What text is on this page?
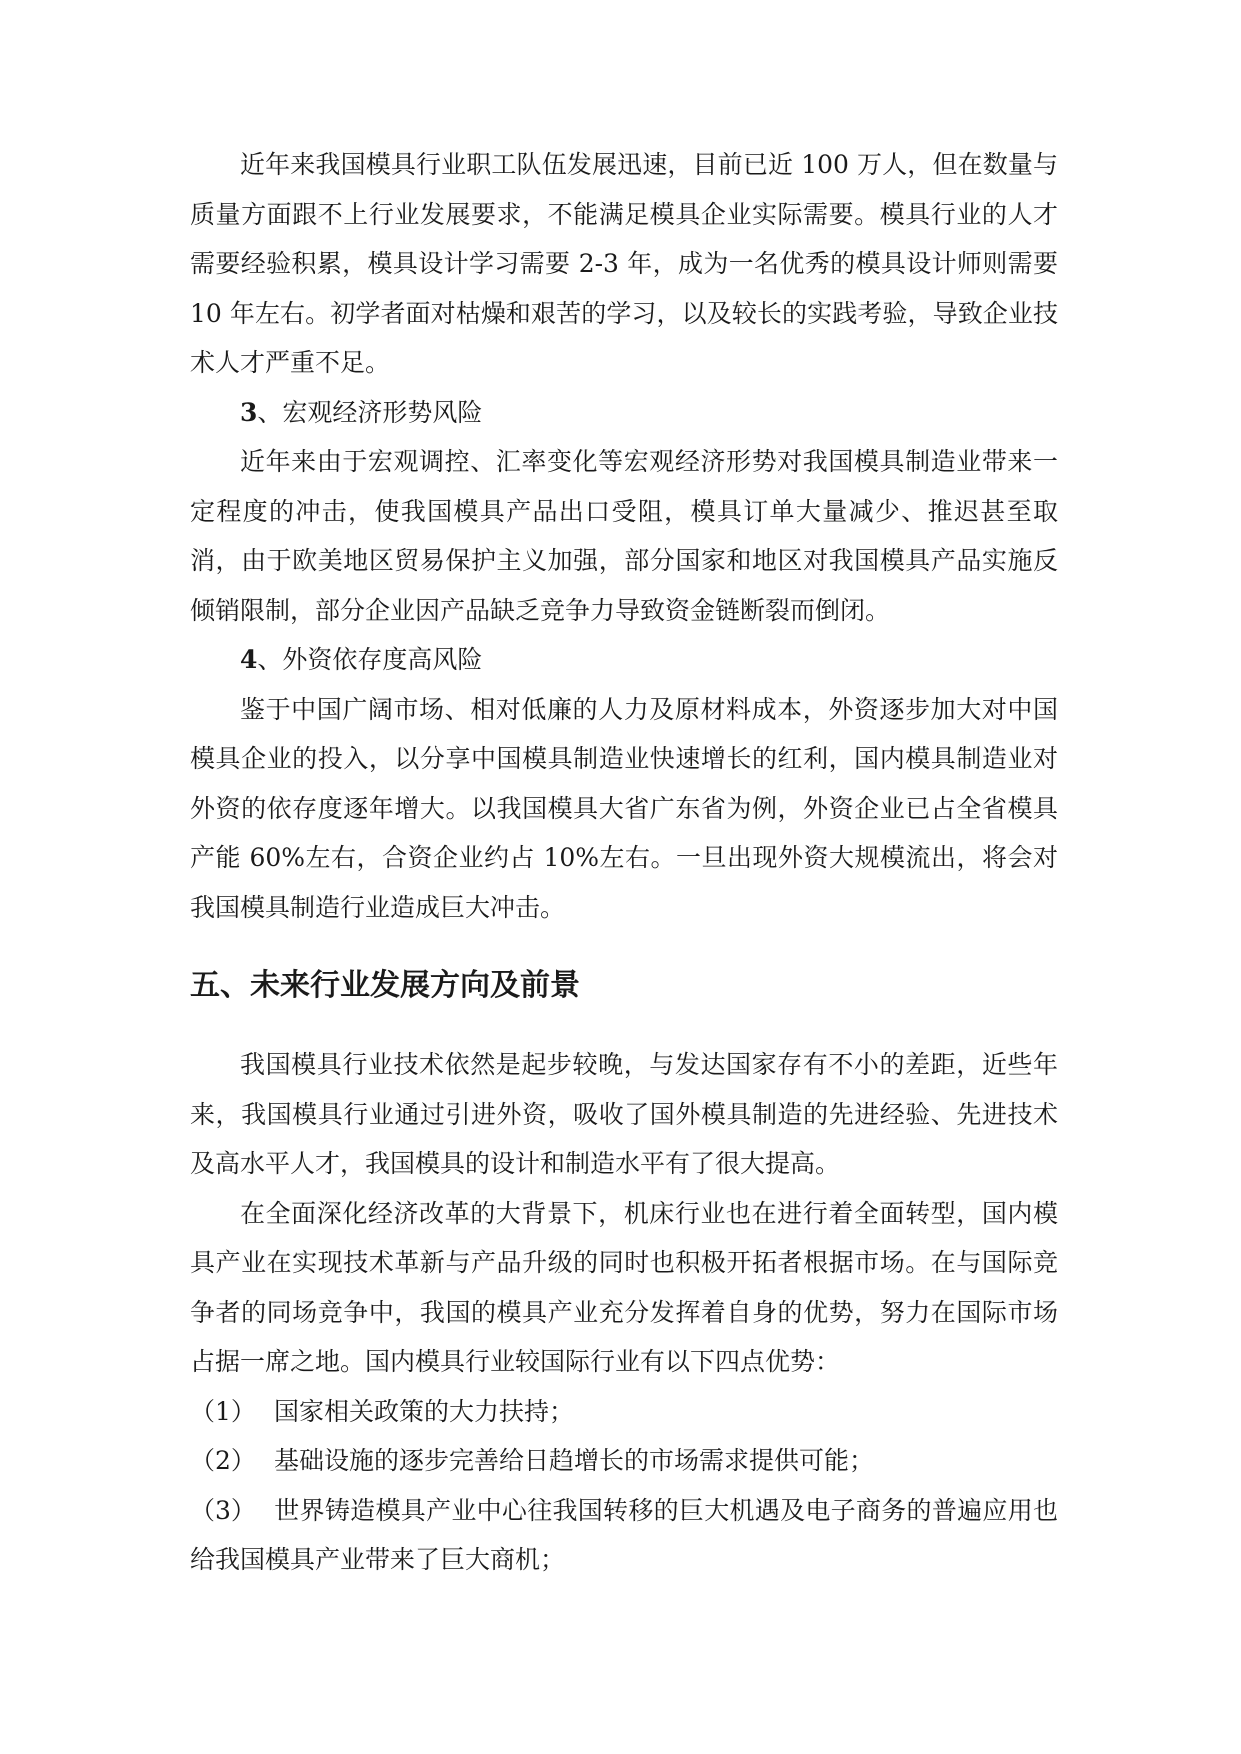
近年来我国模具行业职工队伍发展迅速，目前已近 100 万人，但在数量与质量方面跟不上行业发展要求，不能满足模具企业实际需要。模具行业的人才需要经验积累，模具设计学习需要 2-3 年，成为一名优秀的模具设计师则需要 10 年左右。初学者面对枯燥和艰苦的学习，以及较长的实践考验，导致企业技术人才严重不足。

3、宏观经济形势风险

近年来由于宏观调控、汇率变化等宏观经济形势对我国模具制造业带来一定程度的冲击，使我国模具产品出口受阻，模具订单大量减少、推迟甚至取消，由于欧美地区贸易保护主义加强，部分国家和地区对我国模具产品实施反倾销限制，部分企业因产品缺乏竞争力导致资金链断裂而倒闭。

4、外资依存度高风险

鉴于中国广阔市场、相对低廉的人力及原材料成本，外资逐步加大对中国模具企业的投入，以分享中国模具制造业快速增长的红利，国内模具制造业对外资的依存度逐年增大。以我国模具大省广东省为例，外资企业已占全省模具产能 60%左右，合资企业约占 10%左右。一旦出现外资大规模流出，将会对我国模具制造行业造成巨大冲击。

五、未来行业发展方向及前景

我国模具行业技术依然是起步较晚，与发达国家存有不小的差距，近些年来，我国模具行业通过引进外资，吸收了国外模具制造的先进经验、先进技术及高水平人才，我国模具的设计和制造水平有了很大提高。

在全面深化经济改革的大背景下，机床行业也在进行着全面转型，国内模具产业在实现技术革新与产品升级的同时也积极开拓者根据市场。在与国际竞争者的同场竞争中，我国的模具产业充分发挥着自身的优势，努力在国际市场占据一席之地。国内模具行业较国际行业有以下四点优势：

（1） 国家相关政策的大力扶持；
（2） 基础设施的逐步完善给日趋增长的市场需求提供可能；
（3） 世界铸造模具产业中心往我国转移的巨大机遇及电子商务的普遍应用也给我国模具产业带来了巨大商机；
